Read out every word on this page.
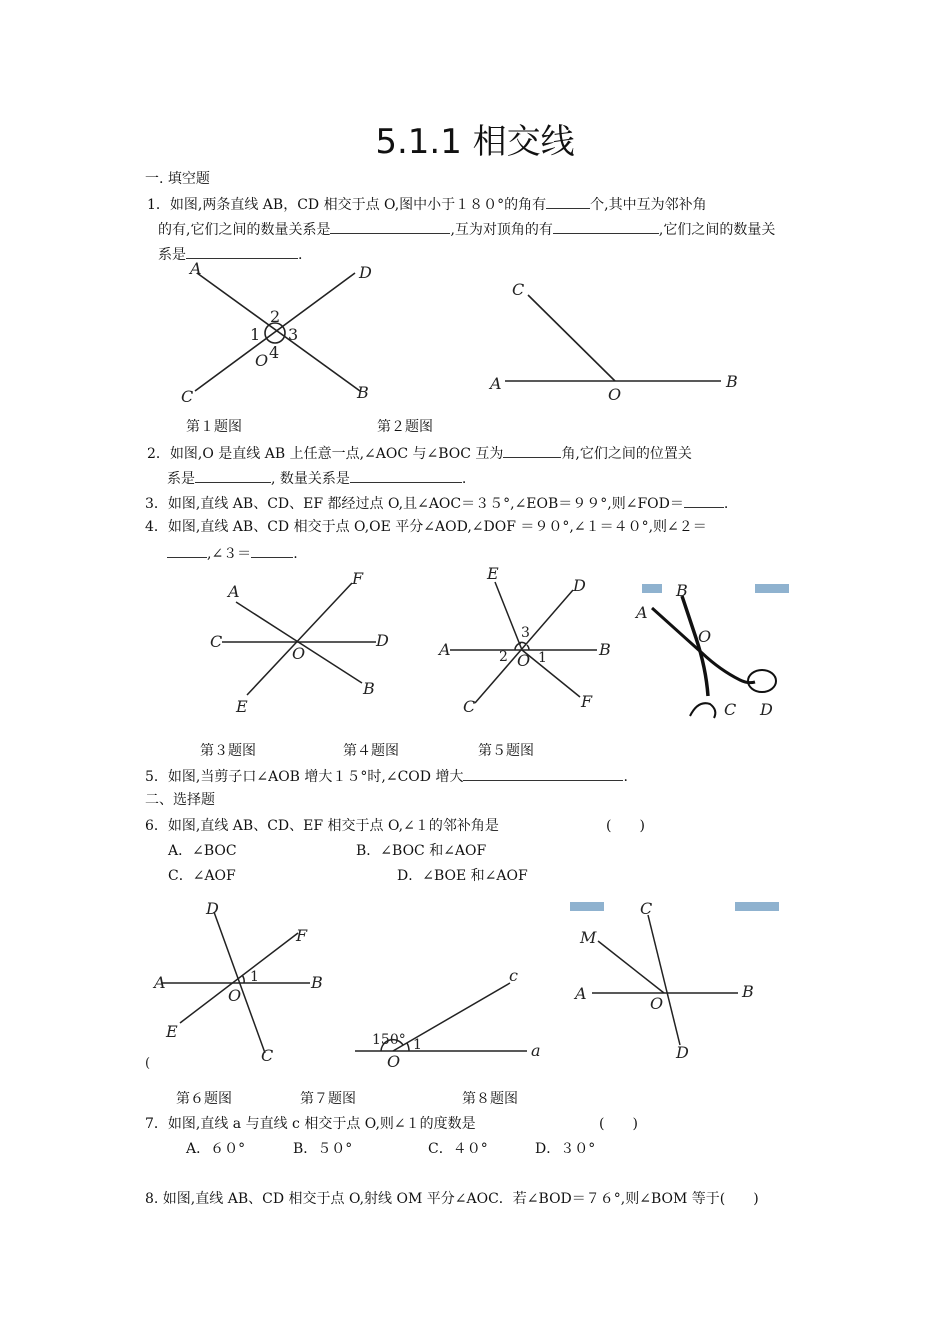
5.1.1 相交线
一. 填空题
1．如图,两条直线 AB，CD 相交于点 O,图中小于１８０°的角有	个,其中互为邻补角
的有,它们之间的数量关系是	,互为对顶角的有	,它们之间的数量关
系是	.
A	D
C	B
O
1
2
3
4
C
A
O
B
第１题图	第２题图
2．如图,O 是直线 AB 上任意一点,∠AOC 与∠BOC 互为	角,它们之间的位置关
系是	, 数量关系是	.
3．如图,直线 AB、CD、EF 都经过点 O,且∠AOC＝３５°,∠EOB＝９９°,则∠FOD＝	.
4．如图,直线 AB、CD 相交于点 O,OE 平分∠AOD,∠DOF ＝９０°,∠１＝４０°,则∠２＝
,∠３＝	.
A
F
C
O
D
E
B
E
D
A	B
O
C	F
1
2
3
A
B
O
C D
第３题图	第４题图	第５题图
5．如图,当剪子口∠AOB 增大１５°时,∠COD 增大	.
二、选择题
6．如图,直线 AB、CD、EF 相交于点 O,∠１的邻补角是	(　　)
A．∠BOC	B．∠BOC 和∠AOF
C．∠AOF	D．∠BOE 和∠AOF
D
F
A
O
1	B
E
C
(
c
150°
O
1	a
C
M
A
O
B
D
第６题图	第７题图	第８题图
7．如图,直线 a 与直线 c 相交于点 O,则∠１的度数是	(　　)
A．６０°	B．５０°	C．４０°	D．３０°
8. 如图,直线 AB、CD 相交于点 O,射线 OM 平分∠AOC．若∠BOD＝７６°,则∠BOM 等于(　　)
